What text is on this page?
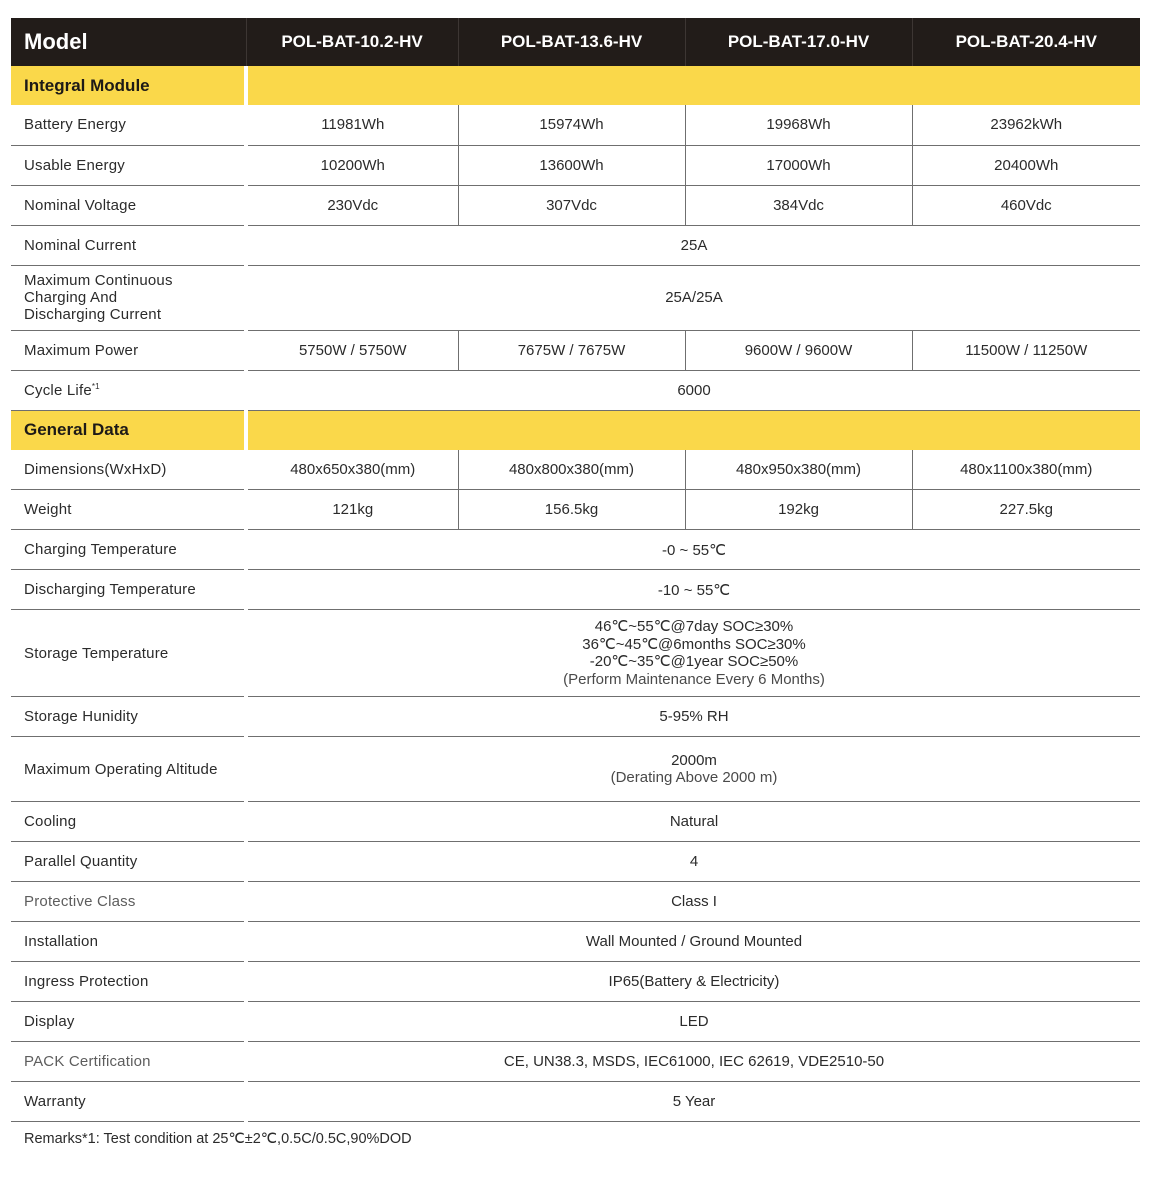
Model	POL-BAT-10.2-HV	POL-BAT-13.6-HV	POL-BAT-17.0-HV	POL-BAT-20.4-HV
Integral Module				
Battery Energy	11981Wh	15974Wh	19968Wh	23962kWh
Usable Energy	10200Wh	13600Wh	17000Wh	20400Wh
Nominal Voltage	230Vdc	307Vdc	384Vdc	460Vdc
Nominal Current	25A			

Maximum Continuous
Charging And
Discharging Current	25A/25A			
Maximum Power	5750W / 5750W	7675W / 7675W	9600W / 9600W	11500W / 11250W
Cycle Life$^{*1}$	6000			
General Data				
Dimensions(WxHxD)	480x650x380(mm)	480x800x380(mm)	480x950x380(mm)	480x1100x380(mm)
Weight	121kg	156.5kg	192kg	227.5kg
Charging Temperature	-0 ~ 55℃			
Discharging Temperature	-10 ~ 55℃			
Storage Temperature	46℃~55℃@7day SOC≥30%
36℃~45℃@6months SOC≥30%
-20℃~35℃@1year SOC≥50%
(Perform Maintenance Every 6 Months)			

Storage Hunidity	5-95% RH			
Maximum Operating Altitude	2000m
(Derating Above 2000 m)			

Cooling	Natural			
Parallel Quantity	4			
Protective Class	Class I			
Installation	Wall Mounted / Ground Mounted			
Ingress Protection	IP65(Battery & Electricity)			
Display	LED			
PACK Certification	CE, UN38.3, MSDS, IEC61000, IEC 62619, VDE2510-50			
Warranty	5 Year			
Remarks*1: Test condition at 25℃±2℃,0.5C/0.5C,90%DOD
